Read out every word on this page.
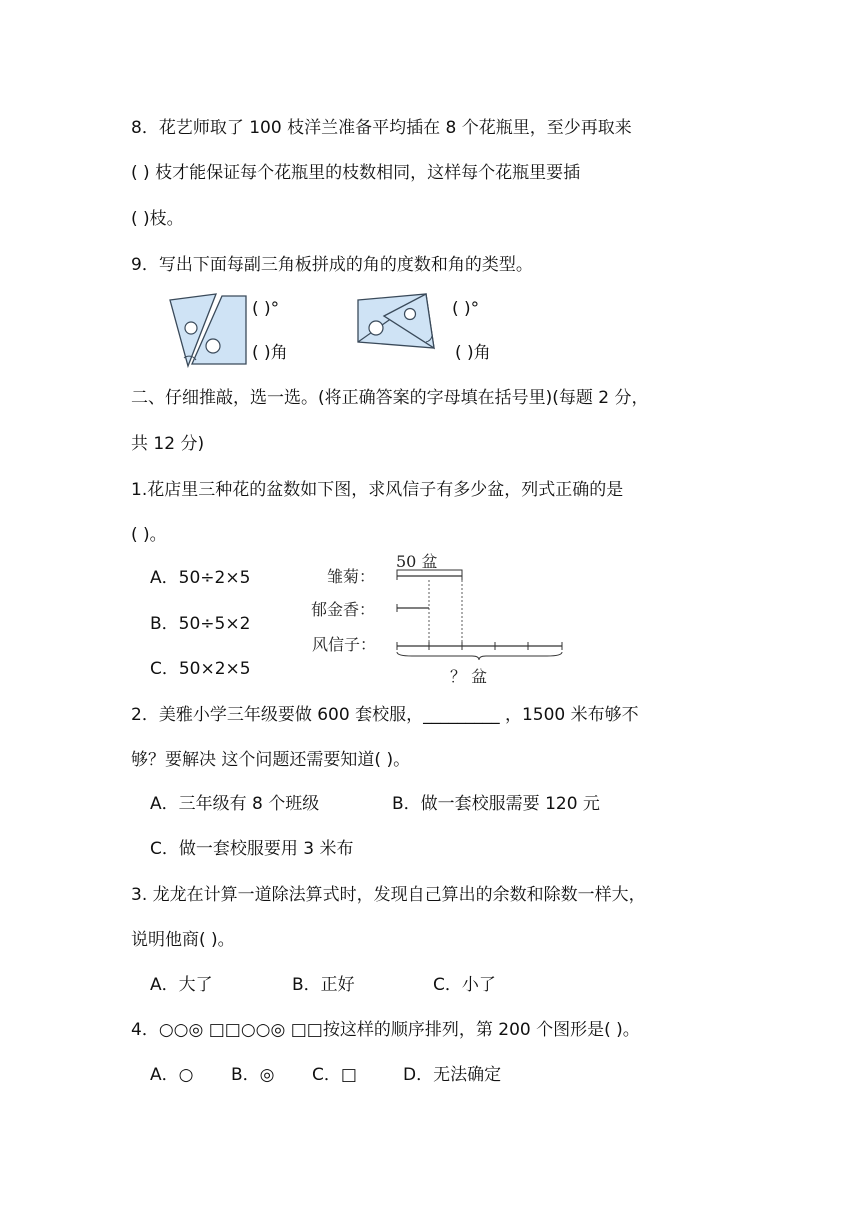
8．花艺师取了 100 枝洋兰准备平均插在 8 个花瓶里，至少再取来
( ) 枝才能保证每个花瓶里的枝数相同，这样每个花瓶里要插
( )枝。
9．写出下面每副三角板拼成的角的度数和角的类型。
( )°
( )角
( )°
( )角
二、仔细推敲，选一选。(将正确答案的字母填在括号里)(每题 2 分，
共 12 分)
1.花店里三种花的盆数如下图，求风信子有多少盆，列式正确的是
( )。
A．50÷2×5
B．50÷5×2
C．50×2×5
50 盆
雏菊：
郁金香：
风信子：
？ 盆
2．美雅小学三年级要做 600 套校服，_________ ，1500 米布够不
够？要解决 这个问题还需要知道( )。
A．三年级有 8 个班级	B．做一套校服需要 120 元
C．做一套校服要用 3 米布
3. 龙龙在计算一道除法算式时，发现自己算出的余数和除数一样大，
说明他商( )。
A．大了	B．正好	C．小了
4．○○◎ □□○○◎ □□按这样的顺序排列，第 200 个图形是( )。
A．○ B．◎ C．□	D．无法确定
